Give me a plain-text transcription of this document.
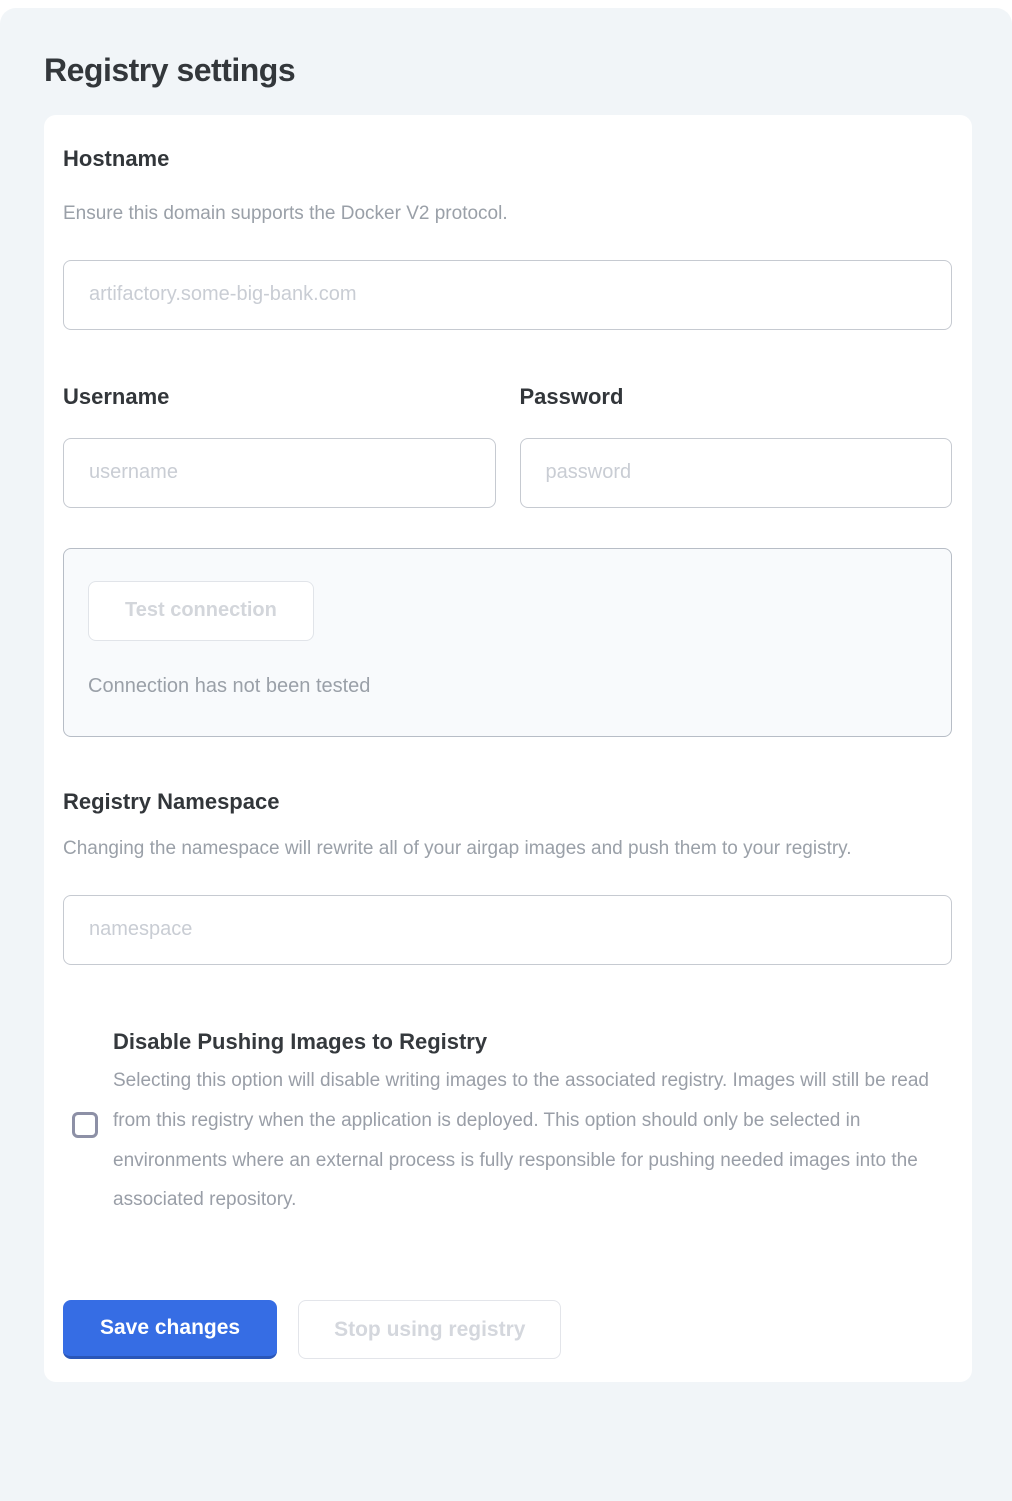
Registry settings
Hostname

Ensure this domain supports the Docker V2 protocol.

artifactory.some-big-bank.com
Username
username	Password
Test connection

Connection has not been tested

Registry Namespace

Changing the namespace will rewrite all of your airgap images and push them to your registry.

namespace
Disable Pushing Images to Registry

Selecting this option will disable writing images to the associated registry. Images will still be read from this registry when the application is deployed. This option should only be selected in environments where an external process is fully responsible for pushing needed images into the associated repository.

Save changes	Stop using registry
